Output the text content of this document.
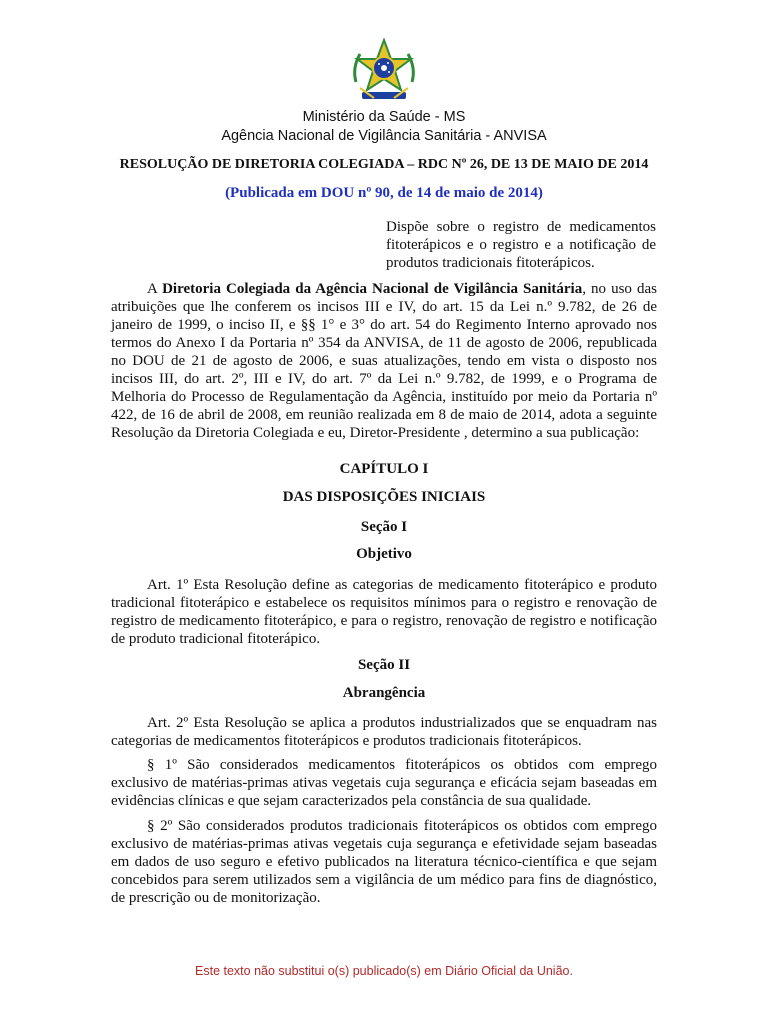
Ministério da Saúde - MS
Agência Nacional de Vigilância Sanitária - ANVISA
RESOLUÇÃO DE DIRETORIA COLEGIADA – RDC Nº 26, DE 13 DE MAIO DE 2014
(Publicada em DOU nº 90, de 14 de maio de 2014)
Dispõe sobre o registro de medicamentos fitoterápicos e o registro e a notificação de produtos tradicionais fitoterápicos.

A Diretoria Colegiada da Agência Nacional de Vigilância Sanitária, no uso das atribuições que lhe conferem os incisos III e IV, do art. 15 da Lei n.º 9.782, de 26 de janeiro de 1999, o inciso II, e §§ 1° e 3° do art. 54 do Regimento Interno aprovado nos termos do Anexo I da Portaria nº 354 da ANVISA, de 11 de agosto de 2006, republicada no DOU de 21 de agosto de 2006, e suas atualizações, tendo em vista o disposto nos incisos III, do art. 2º, III e IV, do art. 7º da Lei n.º 9.782, de 1999, e o Programa de Melhoria do Processo de Regulamentação da Agência, instituído por meio da Portaria nº 422, de 16 de abril de 2008, em reunião realizada em 8 de maio de 2014, adota a seguinte Resolução da Diretoria Colegiada e eu, Diretor-Presidente , determino a sua publicação:

CAPÍTULO I
DAS DISPOSIÇÕES INICIAIS
Seção I
Objetivo

Art. 1º Esta Resolução define as categorias de medicamento fitoterápico e produto tradicional fitoterápico e estabelece os requisitos mínimos para o registro e renovação de registro de medicamento fitoterápico, e para o registro, renovação de registro e notificação de produto tradicional fitoterápico.

Seção II
Abrangência

Art. 2º Esta Resolução se aplica a produtos industrializados que se enquadram nas categorias de medicamentos fitoterápicos e produtos tradicionais fitoterápicos.

§ 1º São considerados medicamentos fitoterápicos os obtidos com emprego exclusivo de matérias-primas ativas vegetais cuja segurança e eficácia sejam baseadas em evidências clínicas e que sejam caracterizados pela constância de sua qualidade.

§ 2º São considerados produtos tradicionais fitoterápicos os obtidos com emprego exclusivo de matérias-primas ativas vegetais cuja segurança e efetividade sejam baseadas em dados de uso seguro e efetivo publicados na literatura técnico-científica e que sejam concebidos para serem utilizados sem a vigilância de um médico para fins de diagnóstico, de prescrição ou de monitorização.

Este texto não substitui o(s) publicado(s) em Diário Oficial da União.
